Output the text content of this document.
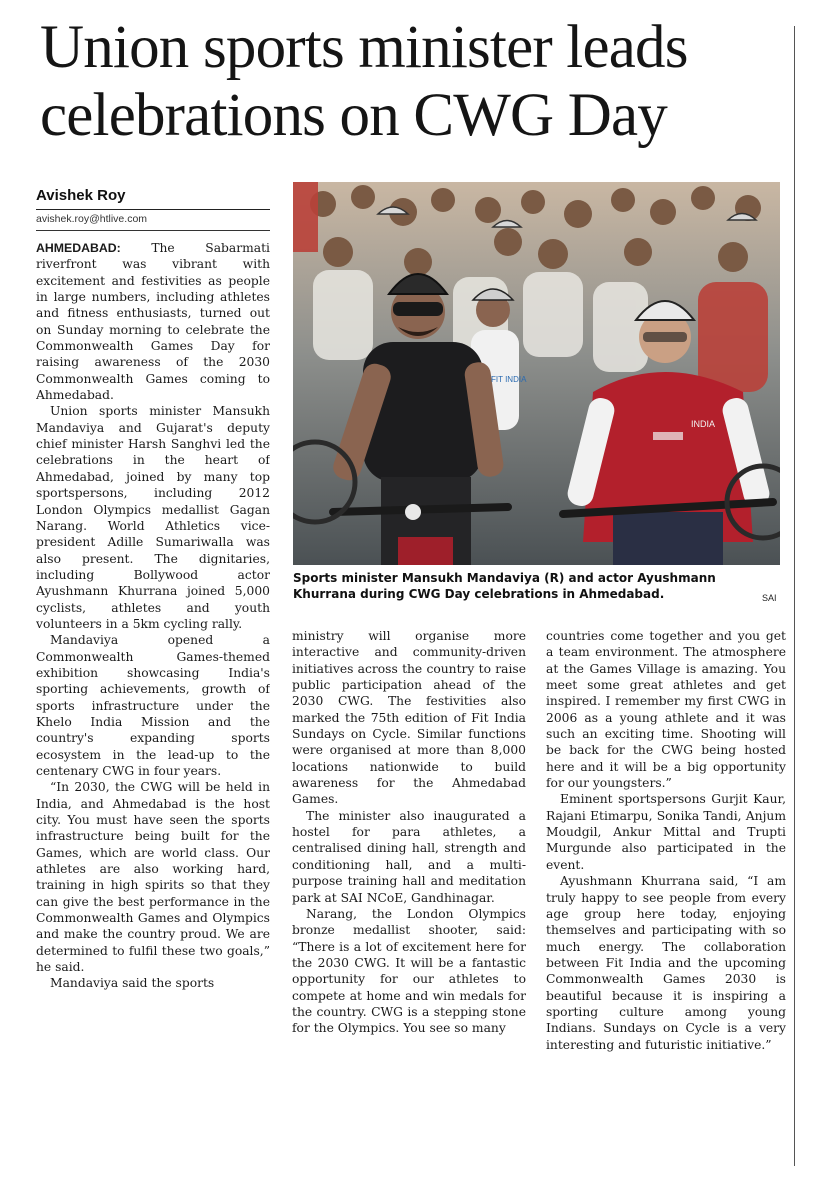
Union sports minister leads celebrations on CWG Day
Avishek Roy
avishek.roy@htlive.com

AHMEDABAD: The Sabarmati riverfront was vibrant with excitement and festivities as people in large numbers, including athletes and fitness enthusiasts, turned out on Sunday morning to celebrate the Commonwealth Games Day for raising awareness of the 2030 Commonwealth Games coming to Ahmedabad.

Union sports minister Mansukh Mandaviya and Gujarat's deputy chief minister Harsh Sanghvi led the celebrations in the heart of Ahmedabad, joined by many top sportspersons, including 2012 London Olympics medallist Gagan Narang. World Athletics vice-president Adille Sumariwalla was also present. The dignitaries, including Bollywood actor Ayushmann Khurrana joined 5,000 cyclists, athletes and youth volunteers in a 5km cycling rally.

Mandaviya opened a Commonwealth Games-themed exhibition showcasing India's sporting achievements, growth of sports infrastructure under the Khelo India Mission and the country's expanding sports ecosystem in the lead-up to the centenary CWG in four years.

“In 2030, the CWG will be held in India, and Ahmedabad is the host city. You must have seen the sports infrastructure being built for the Games, which are world class. Our athletes are also working hard, training in high spirits so that they can give the best performance in the Commonwealth Games and Olympics and make the country proud. We are determined to fulfil these two goals,” he said.

Mandaviya said the sports

INDIA
FIT INDIA
Sports minister Mansukh Mandaviya (R) and actor Ayushmann Khurrana during CWG Day celebrations in Ahmedabad.	SAI

ministry will organise more interactive and community-driven initiatives across the country to raise public participation ahead of the 2030 CWG. The festivities also marked the 75th edition of Fit India Sundays on Cycle. Similar functions were organised at more than 8,000 locations nationwide to build awareness for the Ahmedabad Games.

The minister also inaugurated a hostel for para athletes, a centralised dining hall, strength and conditioning hall, and a multi-purpose training hall and meditation park at SAI NCoE, Gandhinagar.

Narang, the London Olympics bronze medallist shooter, said: “There is a lot of excitement here for the 2030 CWG. It will be a fantastic opportunity for our athletes to compete at home and win medals for the country. CWG is a stepping stone for the Olympics. You see so many

countries come together and you get a team environment. The atmosphere at the Games Village is amazing. You meet some great athletes and get inspired. I remember my first CWG in 2006 as a young athlete and it was such an exciting time. Shooting will be back for the CWG being hosted here and it will be a big opportunity for our youngsters.”

Eminent sportspersons Gurjit Kaur, Rajani Etimarpu, Sonika Tandi, Anjum Moudgil, Ankur Mittal and Trupti Murgunde also participated in the event.

Ayushmann Khurrana said, “I am truly happy to see people from every age group here today, enjoying themselves and participating with so much energy. The collaboration between Fit India and the upcoming Commonwealth Games 2030 is beautiful because it is inspiring a sporting culture among young Indians. Sundays on Cycle is a very interesting and futuristic initiative.”
